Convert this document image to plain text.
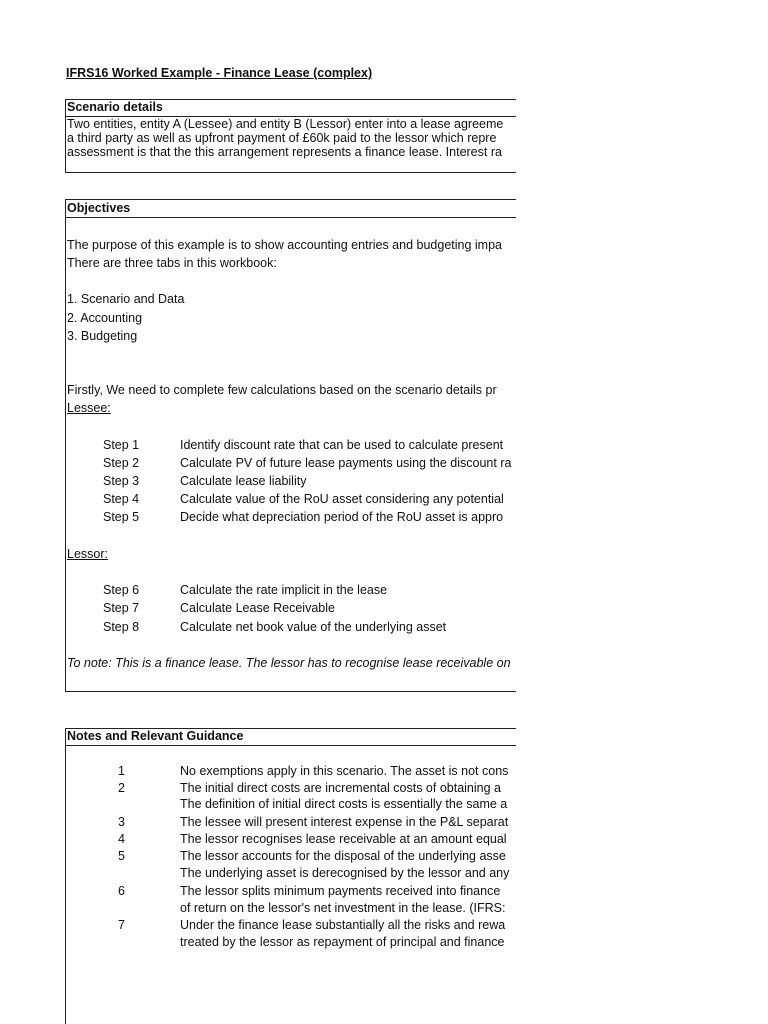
IFRS16 Worked Example - Finance Lease (complex)
Scenario details
Two entities, entity A (Lessee) and entity B (Lessor) enter into a lease agreeme
a third party as well as upfront payment of £60k paid to the lessor which repre
assessment is that the this arrangement represents a finance lease. Interest ra
Objectives
The purpose of this example is to show accounting entries and budgeting impa
There are three tabs in this workbook:
1. Scenario and Data
2. Accounting
3. Budgeting
Firstly, We need to complete few calculations based on the scenario details pr
Lessee:
Step 1	Identify discount rate that can be used to calculate present
Step 2	Calculate PV of future lease payments using the discount ra
Step 3	Calculate lease liability
Step 4	Calculate value of the RoU asset considering any potential
Step 5	Decide what depreciation period of the RoU asset is appro
Lessor:
Step 6	Calculate the rate implicit in the lease
Step 7	Calculate Lease Receivable
Step 8	Calculate net book value of the underlying asset
To note: This is a finance lease. The lessor has to recognise lease receivable on
Notes and Relevant Guidance
1	No exemptions apply in this scenario. The asset is not cons
2	The initial direct costs are incremental costs of obtaining a
The definition of initial direct costs is essentially the same a
3	The lessee will present interest expense in the P&L separat
4	The lessor recognises lease receivable at an amount equal
5	The lessor accounts for the disposal of the underlying asse
The underlying asset is derecognised by the lessor and any
6	The lessor splits minimum payments received into finance
of return on the lessor's net investment in the lease. (IFRS:
7	Under the finance lease substantially all the risks and rewa
treated by the lessor as repayment of principal and finance
